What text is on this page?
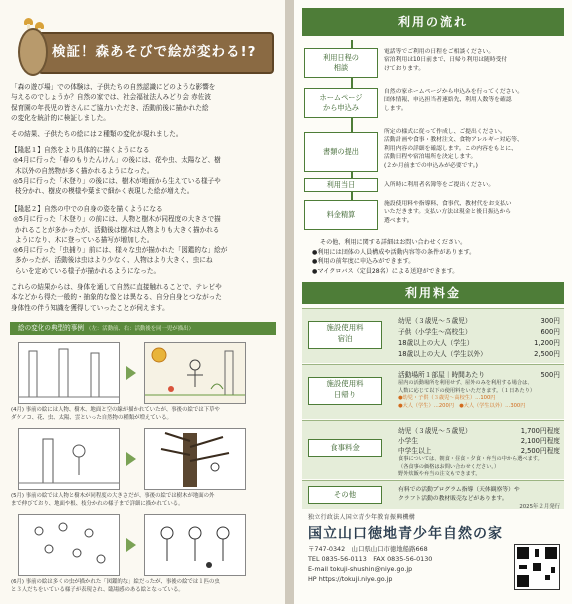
検証！森あそびで絵が変わる!?

「森の遊び場」での体験は、子供たちの自然認識にどのような影響を

与えるのでしょうか？自然の家では、社会福祉法人みどり会 赤佐波

保育園の年長児の皆さんにご協力いただき、活動前後に描かれた絵

の変化を統計的に検証しました。

その結果、子供たちの絵には２種類の変化が現れました。
【隆起１】自然をより具体的に描くようになる
◎4月に行った「春のもりたんけん」の後には、花や虫、太陽など、樹
木以外の自然物が多く描かれるようになった。
◎5月に行った「木登り」の後には、樹木が地面から生えている様子や
枝分かれ、樹皮の模様や葉まで細かく表現した絵が増えた。
【隆起２】自然の中での自身の姿を描くようになる
◎5月に行った「木登り」の前には、人物と樹木が同程度の大きさで描
かれることが多かったが、活動後は樹木は人物よりも大きく描かれる
ようになり、木に登っている描写が増加した。
◎6月に行った「虫捕り」前には、様々な虫が描かれた「図鑑的な」絵が
多かったが、活動後は虫はより少なく、人物はより大きく、虫にね
らいを定めている様子が描かれるようになった。

これらの結果からは、身体を通して自然に直接触れることで、テレビや

本などから得た一般的・抽象的な像とは異なる、自分自身とつながった

身体性の伴う知識を獲得していったことが伺えます。

絵の変化の典型的事例 （左：活動前、右：活動後を同一児が描出）
(4月) 事前の絵には人物、樹木、地面と空の線が描かれていたが、事後の絵では下草や
ダケノコ、花、虫、太陽、雲といった自然物の種類が増えている。
(5月) 事前の絵では人物と樹木が同程度の大きさだが、事後の絵では樹木が地面の外
まで伸びており、地面や根、枝分かれの様子まで詳細に描かれている。
(6月) 事前の絵は多くの虫が描かれた「図鑑的な」絵だったが、事後の絵では１匹の虫
と３人だちをいている様子が表現され、臨場感のある絵となっている。
利用の流れ
利用日程の
相談
電話等でご利用の日程をご相談ください。
宿泊利用は10日前まで、日帰り利用は随時受付
けております。
ホームページ
から申込み
自然の家ホームページから申込みを行ってください。
団体情報、申込担当者連絡先、利用人数等を確認
します。
書類の提出
所定の様式に従って作成し、ご提出ください。
活動計画や食事・教材注文、食物アレルギー対応等、
利用内容の詳細を確認します。この内容をもとに、
活動日程や宿泊場所を決定します。
(２か月前までの申込みが必要です。)
利用当日	入所時に利用者名簿等をご提出ください。
料金精算
施設使用料や指導料、食事代、教材代をお支払い
いただきます。支払い方法は現金と後日振込から
選べます。
その他、利用に関する詳細はお問い合わせください。
●利用には団体の人員構成や活動内容等の条件があります。
●利用の前年度に申込みができます。
●マイクロバス（定員28名）による送迎ができます。
利用料金
施設使用料
宿泊
幼児（３歳児～５歳児）	300円
子供（小学生～高校生）	600円
18歳以上の大人（学生）	1,200円
18歳以上の大人（学生以外）	2,500円
施設使用料
日帰り
活動場所１部屋｜時間あたり	500円
屋内の活動場所を利用せず、屋外のみを利用する場合は、
人数に応じて以下の使用料をいただきます。（１日あたり）
●幼児・子供（３歳児～高校生）…100円
●大人（学生）…200円　●大人（学生以外）…300円
食事料金
幼児（３歳児～５歳児）	1,700円程度
小学生	2,100円程度
中学生以上	2,500円程度
食事については、朝食・昼食・夕食・弁当の中から選べます。
（各食事の価格はお問い合わせください。）
野外炊飯や弁当の注文もできます。
その他	有料での活動プログラム指導（天体観察等）や
クラフト活動の教材販売などがあります。
2025年２月発行
独立行政法人国立青少年教育振興機構
国立山口徳地青少年自然の家
〒747-0342　山口県山口市徳地船路668
TEL 0835-56-0113　FAX 0835-56-0130
E-mail tokuji-shushin@niye.go.jp
HP https://tokuji.niye.go.jp
